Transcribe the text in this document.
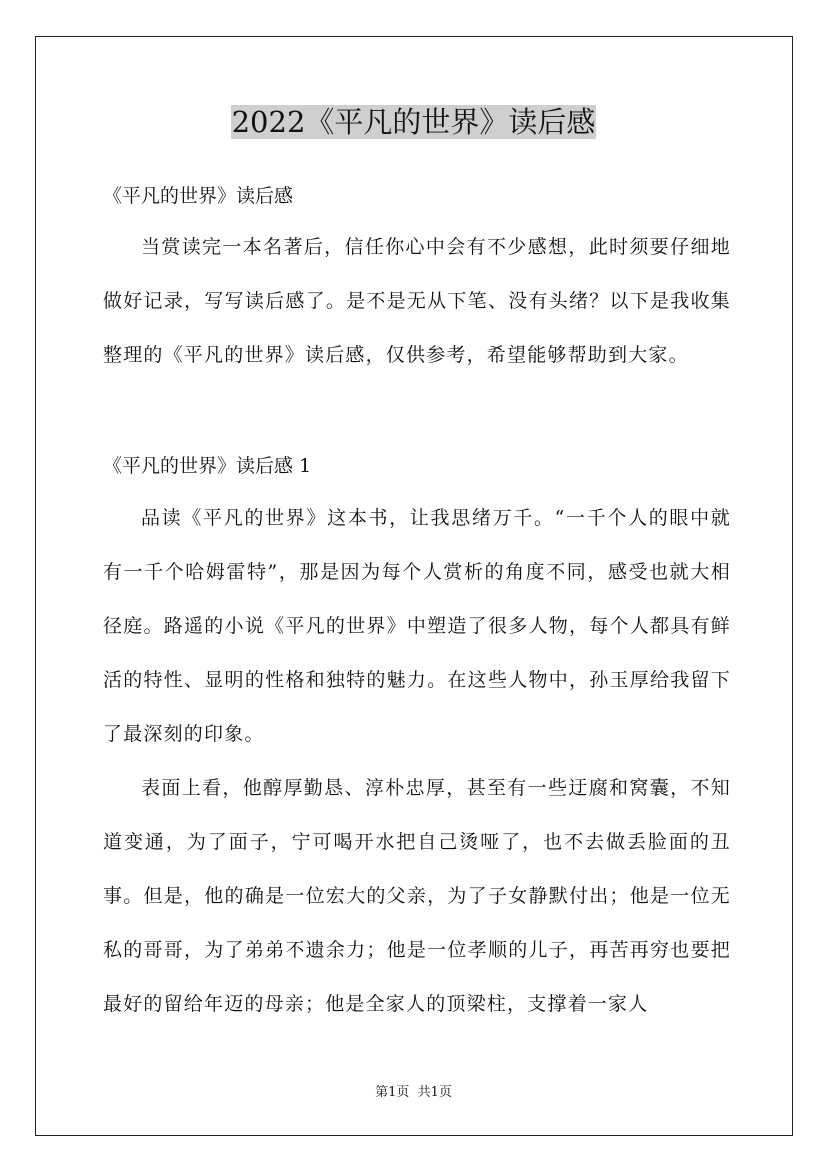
2022《平凡的世界》读后感
《平凡的世界》读后感

当赏读完一本名著后，信任你心中会有不少感想，此时须要仔细地做好记录，写写读后感了。是不是无从下笔、没有头绪？以下是我收集整理的《平凡的世界》读后感，仅供参考，希望能够帮助到大家。

《平凡的世界》读后感 1

品读《平凡的世界》这本书，让我思绪万千。“一千个人的眼中就有一千个哈姆雷特”，那是因为每个人赏析的角度不同，感受也就大相径庭。路遥的小说《平凡的世界》中塑造了很多人物，每个人都具有鲜活的特性、显明的性格和独特的魅力。在这些人物中，孙玉厚给我留下了最深刻的印象。

表面上看，他醇厚勤恳、淳朴忠厚，甚至有一些迂腐和窝囊，不知道变通，为了面子，宁可喝开水把自己烫哑了，也不去做丢脸面的丑事。但是，他的确是一位宏大的父亲，为了子女静默付出；他是一位无私的哥哥，为了弟弟不遗余力；他是一位孝顺的儿子，再苦再穷也要把最好的留给年迈的母亲；他是全家人的顶梁柱，支撑着一家人

第1页  共1页
